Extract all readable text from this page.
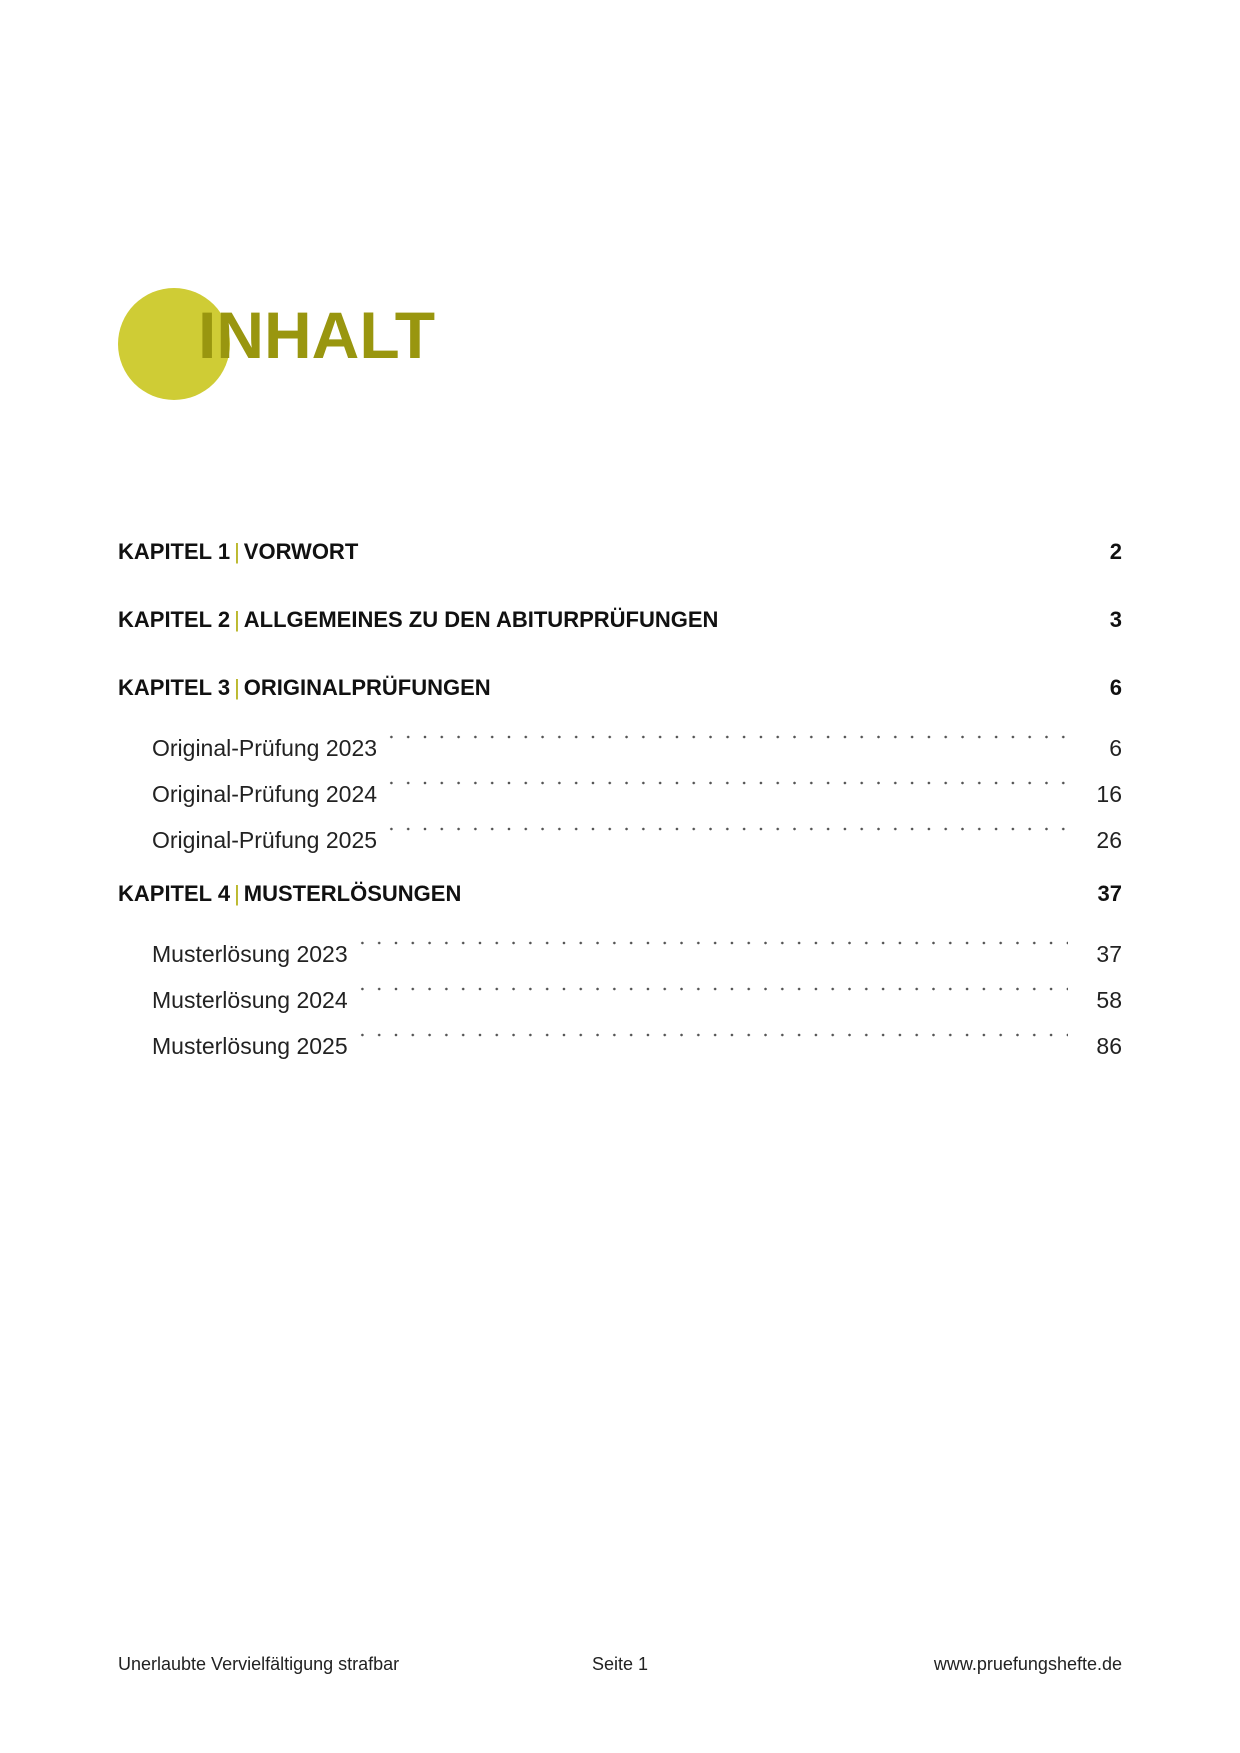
INHALT
KAPITEL 1 | VORWORT	2
KAPITEL 2 | ALLGEMEINES ZU DEN ABITURPRÜFUNGEN	3
KAPITEL 3 | ORIGINALPRÜFUNGEN	6
Original-Prüfung 2023	6
Original-Prüfung 2024	16
Original-Prüfung 2025	26
KAPITEL 4 | MUSTERLÖSUNGEN	37
Musterlösung 2023	37
Musterlösung 2024	58
Musterlösung 2025	86
Unerlaubte Vervielfältigung strafbar	Seite 1	www.pruefungshefte.de
